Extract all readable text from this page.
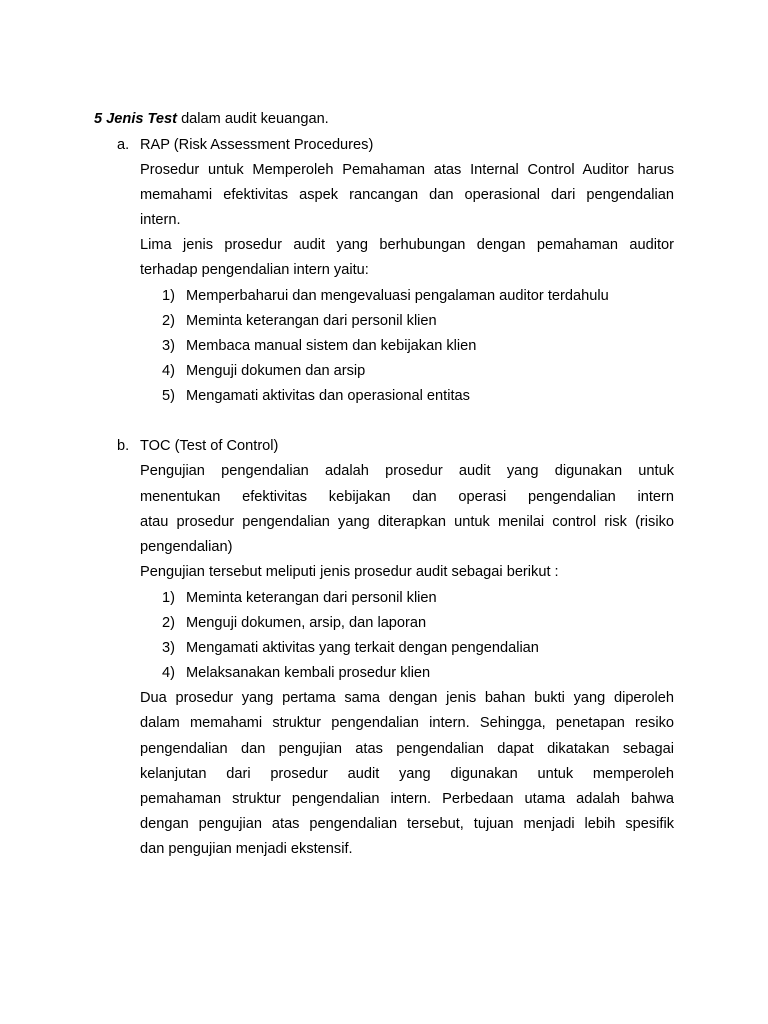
5 Jenis Test dalam audit keuangan.
a. RAP (Risk Assessment Procedures)
Prosedur untuk Memperoleh Pemahaman atas Internal Control Auditor harus
memahami efektivitas aspek rancangan dan operasional dari pengendalian
intern.
Lima jenis prosedur audit yang berhubungan dengan pemahaman auditor
terhadap pengendalian intern yaitu:
1) Memperbaharui dan mengevaluasi pengalaman auditor terdahulu
2) Meminta keterangan dari personil klien
3) Membaca manual sistem dan kebijakan klien
4) Menguji dokumen dan arsip
5) Mengamati aktivitas dan operasional entitas
b. TOC (Test of Control)
Pengujian pengendalian adalah prosedur audit yang digunakan untuk
menentukan efektivitas kebijakan dan operasi pengendalian intern
atau prosedur pengendalian yang diterapkan untuk menilai control risk (risiko
pengendalian)
Pengujian tersebut meliputi jenis prosedur audit sebagai berikut :
1) Meminta keterangan dari personil klien
2) Menguji dokumen, arsip, dan laporan
3) Mengamati aktivitas yang terkait dengan pengendalian
4) Melaksanakan kembali prosedur klien
Dua prosedur yang pertama sama dengan jenis bahan bukti yang diperoleh
dalam memahami struktur pengendalian intern. Sehingga, penetapan resiko
pengendalian dan pengujian atas pengendalian dapat dikatakan sebagai
kelanjutan dari prosedur audit yang digunakan untuk memperoleh
pemahaman struktur pengendalian intern. Perbedaan utama adalah bahwa
dengan pengujian atas pengendalian tersebut, tujuan menjadi lebih spesifik
dan pengujian menjadi ekstensif.
